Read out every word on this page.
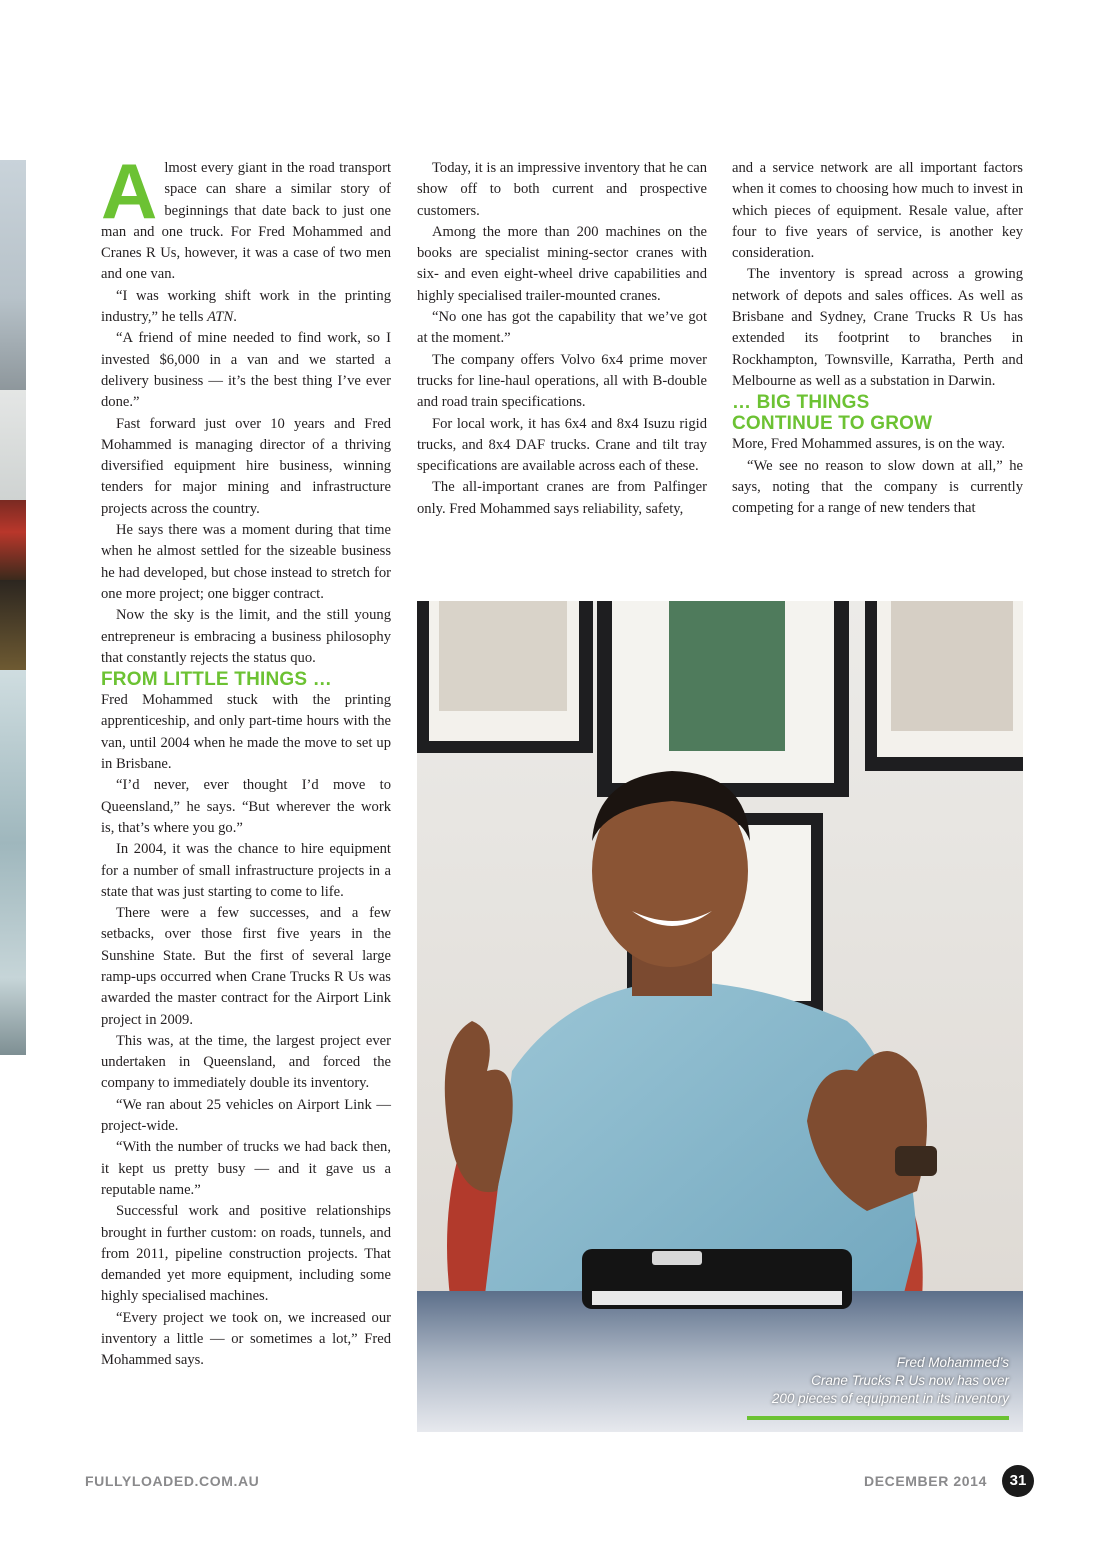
Almost every giant in the road transport space can share a similar story of beginnings that date back to just one man and one truck. For Fred Mohammed and Cranes R Us, however, it was a case of two men and one van.

“I was working shift work in the printing industry,” he tells ATN.

“A friend of mine needed to find work, so I invested $6,000 in a van and we started a delivery business — it’s the best thing I’ve ever done.”

Fast forward just over 10 years and Fred Mohammed is managing director of a thriving diversified equipment hire business, winning tenders for major mining and infrastructure projects across the country.

He says there was a moment during that time when he almost settled for the sizeable business he had developed, but chose instead to stretch for one more project; one bigger contract.

Now the sky is the limit, and the still young entrepreneur is embracing a business philosophy that constantly rejects the status quo.

FROM LITTLE THINGS …

Fred Mohammed stuck with the printing apprenticeship, and only part-time hours with the van, until 2004 when he made the move to set up in Brisbane.

“I’d never, ever thought I’d move to Queensland,” he says. “But wherever the work is, that’s where you go.”

In 2004, it was the chance to hire equipment for a number of small infrastructure projects in a state that was just starting to come to life.

There were a few successes, and a few setbacks, over those first five years in the Sunshine State. But the first of several large ramp-ups occurred when Crane Trucks R Us was awarded the master contract for the Airport Link project in 2009.

This was, at the time, the largest project ever undertaken in Queensland, and forced the company to immediately double its inventory.

“We ran about 25 vehicles on Airport Link — project-wide.

“With the number of trucks we had back then, it kept us pretty busy — and it gave us a reputable name.”

Successful work and positive relationships brought in further custom: on roads, tunnels, and from 2011, pipeline construction projects. That demanded yet more equipment, including some highly specialised machines.

“Every project we took on, we increased our inventory a little — or sometimes a lot,” Fred Mohammed says.

Today, it is an impressive inventory that he can show off to both current and prospective customers.

Among the more than 200 machines on the books are specialist mining-sector cranes with six- and even eight-wheel drive capabilities and highly specialised trailer-mounted cranes.

“No one has got the capability that we’ve got at the moment.”

The company offers Volvo 6x4 prime mover trucks for line-haul operations, all with B-double and road train specifications.

For local work, it has 6x4 and 8x4 Isuzu rigid trucks, and 8x4 DAF trucks. Crane and tilt tray specifications are available across each of these.

The all-important cranes are from Palfinger only. Fred Mohammed says reliability, safety,

and a service network are all important factors when it comes to choosing how much to invest in which pieces of equipment. Resale value, after four to five years of service, is another key consideration.

The inventory is spread across a growing network of depots and sales offices. As well as Brisbane and Sydney, Crane Trucks R Us has extended its footprint to branches in Rockhampton, Townsville, Karratha, Perth and Melbourne as well as a substation in Darwin.

… BIG THINGS
CONTINUE TO GROW

More, Fred Mohammed assures, is on the way.

“We see no reason to slow down at all,” he says, noting that the company is currently competing for a range of new tenders that

Fred Mohammed’s
Crane Trucks R Us now has over
200 pieces of equipment in its inventory
FULLYLOADED.COM.AU	DECEMBER 2014	31
